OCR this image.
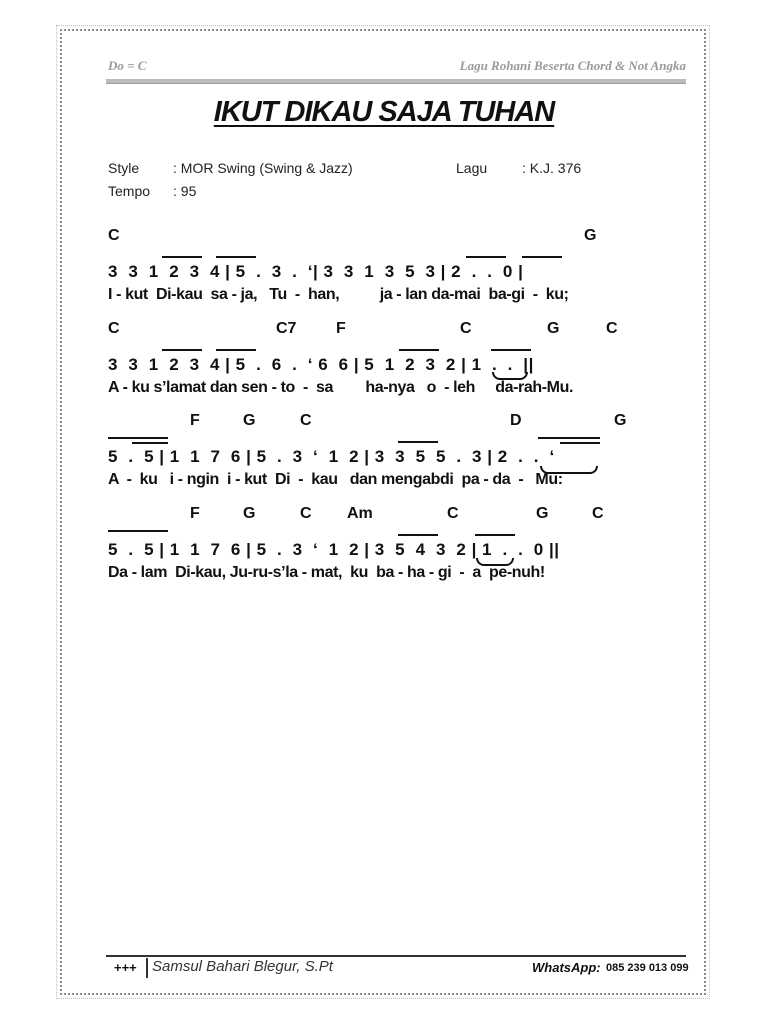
Do = C	Lagu Rohani Beserta Chord & Not Angka
IKUT DIKAU SAJA TUHAN
Style : MOR Swing (Swing & Jazz)	Lagu : K.J. 376
Tempo : 95
C	G
3  3  1  2  3  4 | 5  .  3  .  ‘| 3  3  1  3  5  3 | 2  .  .  0 |
I - kut  Di-kau  sa - ja,   Tu  -  han,          ja - lan da-mai  ba-gi  -  ku;
C	C7 F	C	G	C
3  3  1  2  3  4 | 5  .  6  .  ‘ 6  6 | 5  1  2  3  2 | 1  .  .  ||
A - ku s’lamat dan sen - to  -  sa        ha-nya   o  - leh     da-rah-Mu.
F	G	C	D	G
5  .  5 | 1  1  7  6 | 5  .  3  ‘  1  2 | 3  3  5  5  .  3 | 2  .  .  ‘
A  -  ku   i - ngin  i - kut  Di  -  kau   dan mengabdi  pa - da  -   Mu:
F	G	C Am	C	G	C
5  .  5 | 1  1  7  6 | 5  .  3  ‘  1  2 | 3  5  4  3  2 | 1  .  .  0 ||
Da - lam  Di-kau, Ju-ru-s’la - mat,  ku  ba - ha - gi  -  a  pe-nuh!
+++ Samsul Bahari Blegur, S.Pt	WhatsApp: 085 239 013 099
